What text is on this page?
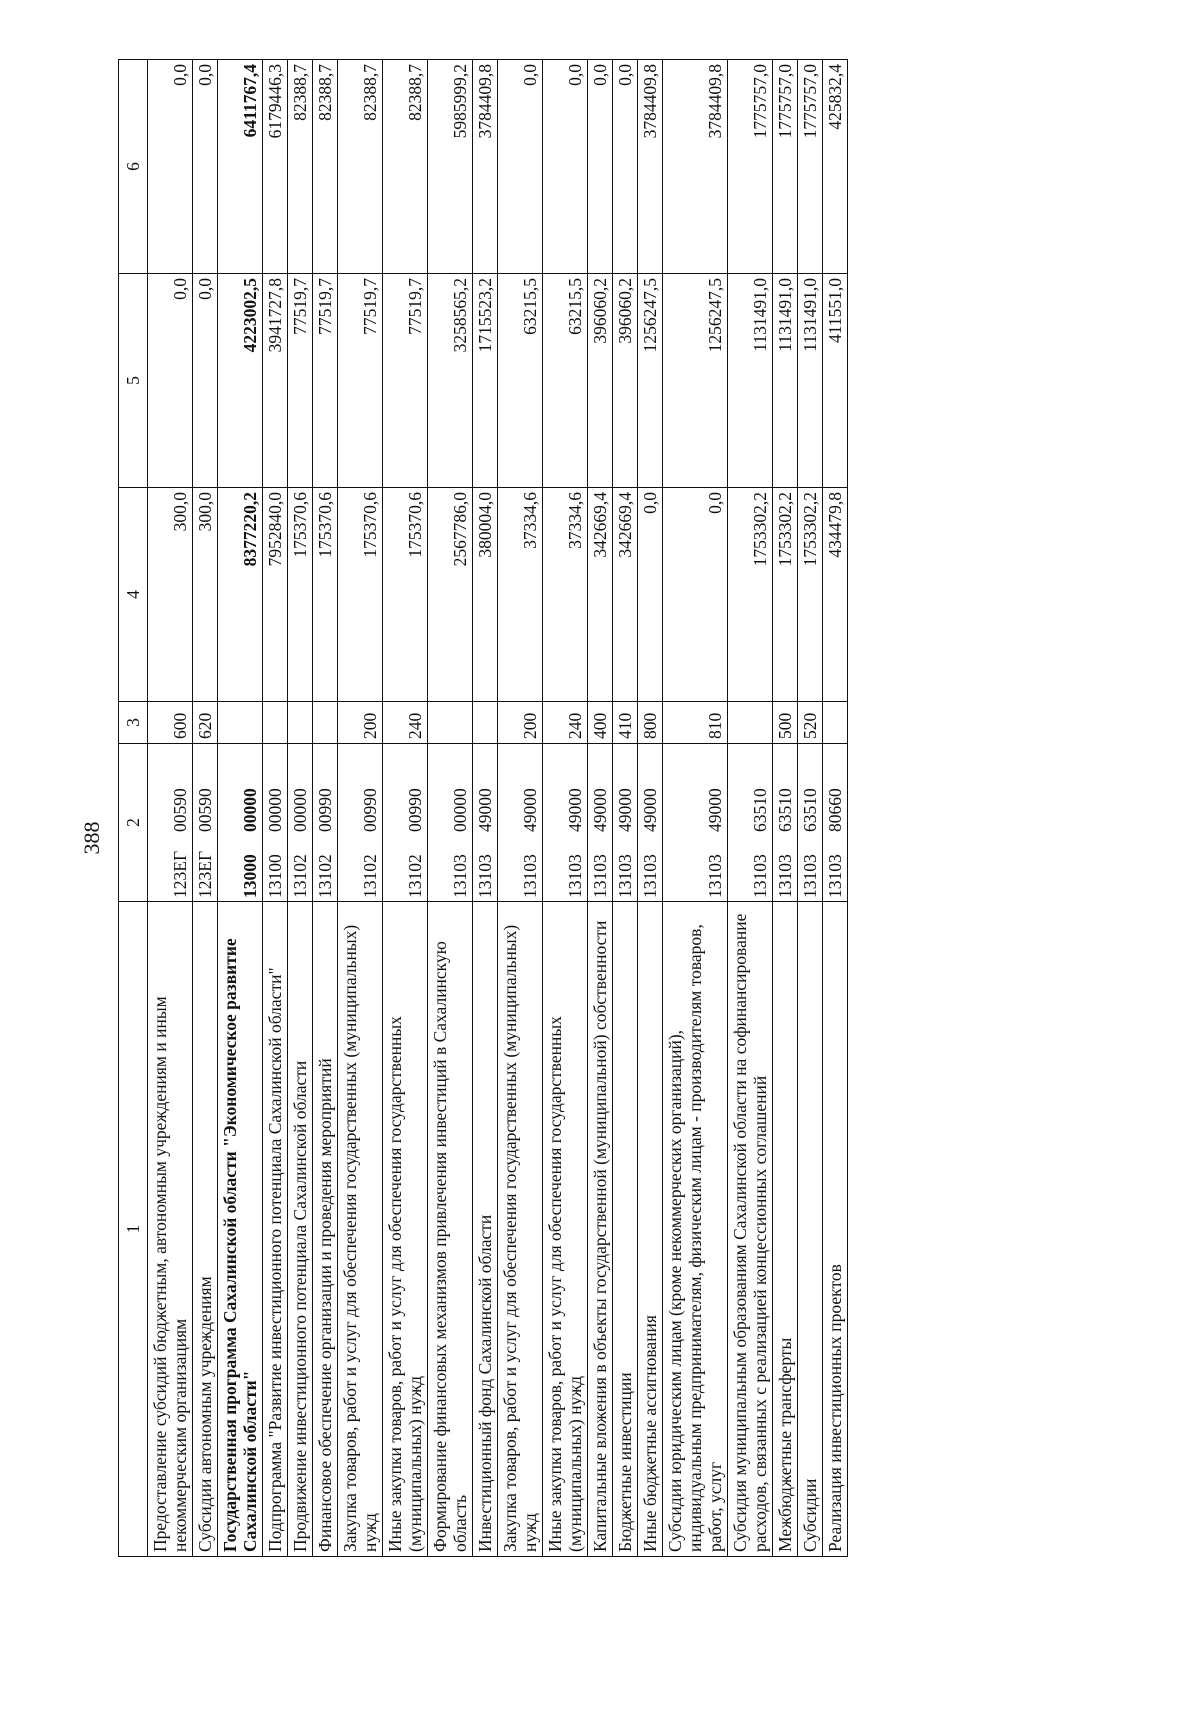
388
1	2	3	4	5	6
Предоставление субсидий бюджетным, автономным учреждениям и иным некоммерческим организациям	123ЕГ00590	600	300,0	0,0	0,0
Субсидии автономным учреждениям	123ЕГ00590	620	300,0	0,0	0,0
Государственная программа Сахалинской области "Экономическое развитие Сахалинской области"	1300000000		8377220,2	4223002,5	6411767,4
Подпрограмма "Развитие инвестиционного потенциала Сахалинской области"	1310000000		7952840,0	3941727,8	6179446,3
Продвижение инвестиционного потенциала Сахалинской области	1310200000		175370,6	77519,7	82388,7
Финансовое обеспечение организации и проведения мероприятий	1310200990		175370,6	77519,7	82388,7
Закупка товаров, работ и услуг для обеспечения государственных (муниципальных) нужд	1310200990	200	175370,6	77519,7	82388,7
Иные закупки товаров, работ и услуг для обеспечения государственных (муниципальных) нужд	1310200990	240	175370,6	77519,7	82388,7
Формирование финансовых механизмов привлечения инвестиций в Сахалинскую область	1310300000		2567786,0	3258565,2	5985999,2
Инвестиционный фонд Сахалинской области	1310349000		380004,0	1715523,2	3784409,8
Закупка товаров, работ и услуг для обеспечения государственных (муниципальных) нужд	1310349000	200	37334,6	63215,5	0,0
Иные закупки товаров, работ и услуг для обеспечения государственных (муниципальных) нужд	1310349000	240	37334,6	63215,5	0,0
Капитальные вложения в объекты государственной (муниципальной) собственности	1310349000	400	342669,4	396060,2	0,0
Бюджетные инвестиции	1310349000	410	342669,4	396060,2	0,0
Иные бюджетные ассигнования	1310349000	800	0,0	1256247,5	3784409,8
Субсидии юридическим лицам (кроме некоммерческих организаций), индивидуальным предпринимателям, физическим лицам - производителям товаров, работ, услуг	1310349000	810	0,0	1256247,5	3784409,8
Субсидия муниципальным образованиям Сахалинской области на софинансирование расходов, связанных с реализацией концессионных соглашений	1310363510		1753302,2	1131491,0	1775757,0
Межбюджетные трансферты	1310363510	500	1753302,2	1131491,0	1775757,0
Субсидии	1310363510	520	1753302,2	1131491,0	1775757,0
Реализация инвестиционных проектов	1310380660		434479,8	411551,0	425832,4
